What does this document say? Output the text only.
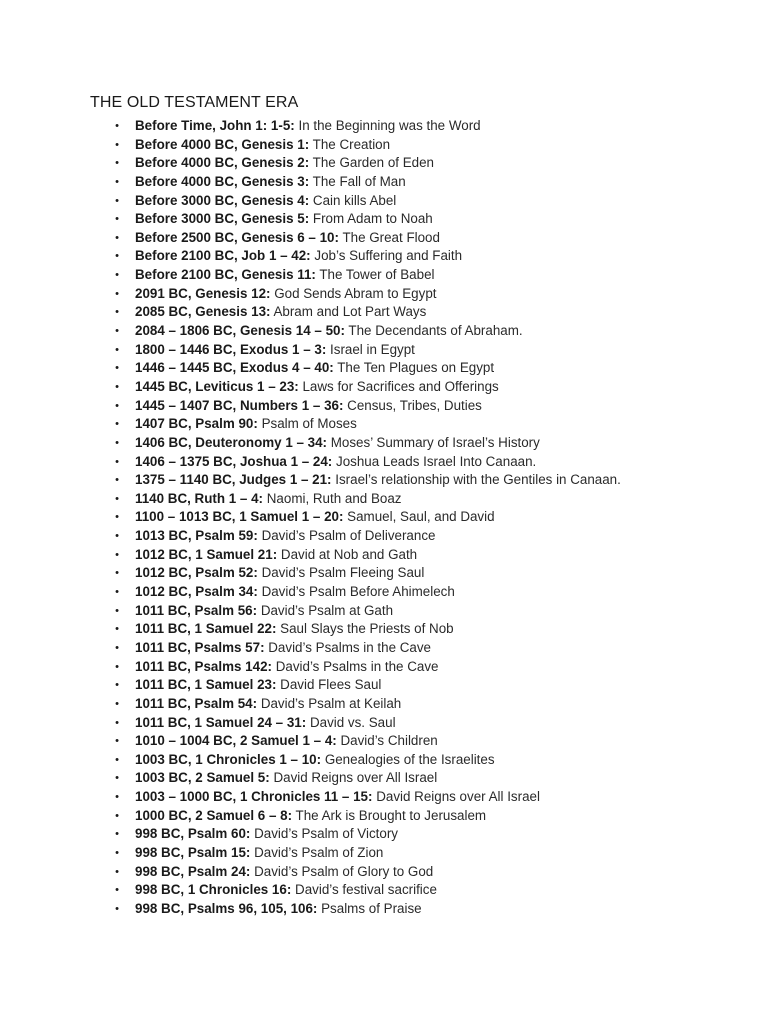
THE OLD TESTAMENT ERA
• Before Time, John 1: 1-5: In the Beginning was the Word
• Before 4000 BC, Genesis 1: The Creation
• Before 4000 BC, Genesis 2: The Garden of Eden
• Before 4000 BC, Genesis 3: The Fall of Man
• Before 3000 BC, Genesis 4: Cain kills Abel
• Before 3000 BC, Genesis 5: From Adam to Noah
• Before 2500 BC, Genesis 6 – 10: The Great Flood
• Before 2100 BC, Job 1 – 42: Job’s Suffering and Faith
• Before 2100 BC, Genesis 11: The Tower of Babel
• 2091 BC, Genesis 12: God Sends Abram to Egypt
• 2085 BC, Genesis 13: Abram and Lot Part Ways
• 2084 – 1806 BC, Genesis 14 – 50: The Decendants of Abraham.
• 1800 – 1446 BC, Exodus 1 – 3: Israel in Egypt
• 1446 – 1445 BC, Exodus 4 – 40: The Ten Plagues on Egypt
• 1445 BC, Leviticus 1 – 23: Laws for Sacrifices and Offerings
• 1445 – 1407 BC, Numbers 1 – 36: Census, Tribes, Duties
• 1407 BC, Psalm 90: Psalm of Moses
• 1406 BC, Deuteronomy 1 – 34: Moses’ Summary of Israel’s History
• 1406 – 1375 BC, Joshua 1 – 24: Joshua Leads Israel Into Canaan.
• 1375 – 1140 BC, Judges 1 – 21: Israel’s relationship with the Gentiles in Canaan.
• 1140 BC, Ruth 1 – 4: Naomi, Ruth and Boaz
• 1100 – 1013 BC, 1 Samuel 1 – 20: Samuel, Saul, and David
• 1013 BC, Psalm 59: David’s Psalm of Deliverance
• 1012 BC, 1 Samuel 21: David at Nob and Gath
• 1012 BC, Psalm 52: David’s Psalm Fleeing Saul
• 1012 BC, Psalm 34: David’s Psalm Before Ahimelech
• 1011 BC, Psalm 56: David’s Psalm at Gath
• 1011 BC, 1 Samuel 22: Saul Slays the Priests of Nob
• 1011 BC, Psalms 57: David’s Psalms in the Cave
• 1011 BC, Psalms 142: David’s Psalms in the Cave
• 1011 BC, 1 Samuel 23: David Flees Saul
• 1011 BC, Psalm 54: David’s Psalm at Keilah
• 1011 BC, 1 Samuel 24 – 31: David vs. Saul
• 1010 – 1004 BC, 2 Samuel 1 – 4: David’s Children
• 1003 BC, 1 Chronicles 1 – 10: Genealogies of the Israelites
• 1003 BC, 2 Samuel 5: David Reigns over All Israel
• 1003 – 1000 BC, 1 Chronicles 11 – 15: David Reigns over All Israel
• 1000 BC, 2 Samuel 6 – 8: The Ark is Brought to Jerusalem
• 998 BC, Psalm 60: David’s Psalm of Victory
• 998 BC, Psalm 15: David’s Psalm of Zion
• 998 BC, Psalm 24: David’s Psalm of Glory to God
• 998 BC, 1 Chronicles 16: David’s festival sacrifice
• 998 BC, Psalms 96, 105, 106: Psalms of Praise
